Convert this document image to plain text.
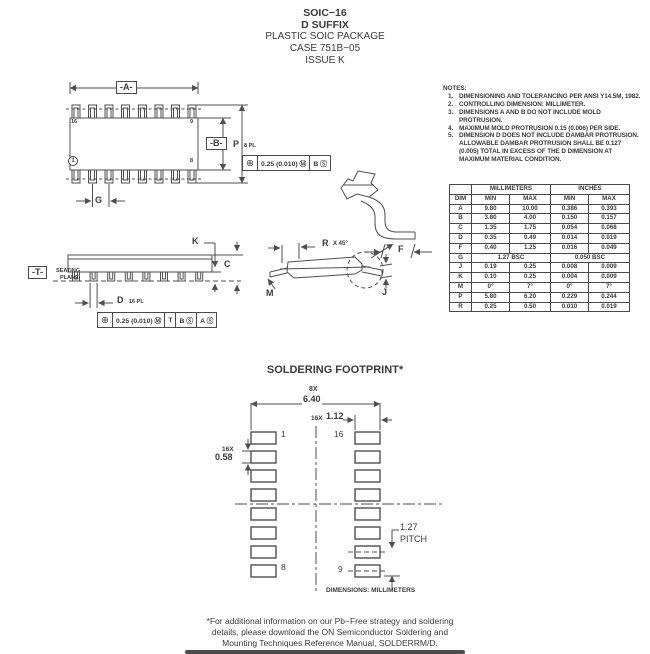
SOIC−16
D SUFFIX
PLASTIC SOIC PACKAGE
CASE 751B−05
ISSUE K
-A-
-B-	P 8 PL
G
16	9
8
1	⊕	0.25 (0.010) Ⓜ	B Ⓢ
K
C
-T-	SEATING
PLANE
D 16 PL
⊕	0.25 (0.010) Ⓜ	T	B Ⓢ	A Ⓢ
R X 45°	F
M	J
NOTES:
1. DIMENSIONING AND TOLERANCING PER ANSI Y14.5M, 1982.
2. CONTROLLING DIMENSION: MILLIMETER.
3. DIMENSIONS A AND B DO NOT INCLUDE MOLD PROTRUSION.
4. MAXIMUM MOLD PROTRUSION 0.15 (0.006) PER SIDE.
5. DIMENSION D DOES NOT INCLUDE DAMBAR PROTRUSION. ALLOWABLE DAMBAR PROTRUSION SHALL BE 0.127 (0.005) TOTAL IN EXCESS OF THE D DIMENSION AT MAXIMUM MATERIAL CONDITION.
	MILLIMETERS		INCHES	
DIM	MIN	MAX	MIN	MAX
A	9.80	10.00	0.386	0.393
B	3.80	4.00	0.150	0.157
C	1.35	1.75	0.054	0.068
D	0.35	0.49	0.014	0.019
F	0.40	1.25	0.016	0.049
G	1.27 BSC		0.050 BSC	
J	0.19	0.25	0.008	0.009
K	0.10	0.25	0.004	0.009
M	0°	7°	0°	7°
P	5.80	6.20	0.229	0.244
R	0.25	0.50	0.010	0.019
SOLDERING FOOTPRINT*
8X
6.40
16X 1.12
16X
0.58
1	16
8	9
1.27
PITCH
DIMENSIONS: MILLIMETERS
*For additional information on our Pb−Free strategy and soldering
details, please download the ON Semiconductor Soldering and
Mounting Techniques Reference Manual, SOLDERRM/D.
